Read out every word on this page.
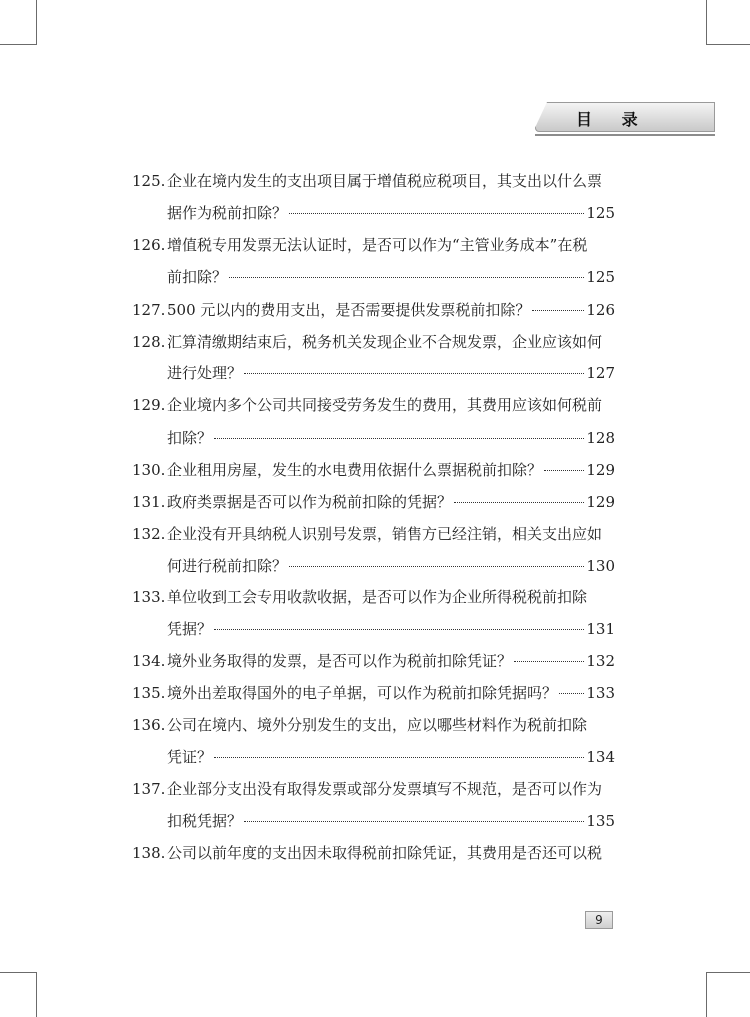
目 录
125. 企业在境内发生的支出项目属于增值税应税项目，其支出以什么票
据作为税前扣除？	125
126. 增值税专用发票无法认证时，是否可以作为“主管业务成本”在税
前扣除？	125
127. 500 元以内的费用支出，是否需要提供发票税前扣除？	126
128. 汇算清缴期结束后，税务机关发现企业不合规发票，企业应该如何
进行处理？	127
129. 企业境内多个公司共同接受劳务发生的费用，其费用应该如何税前
扣除？	128
130. 企业租用房屋，发生的水电费用依据什么票据税前扣除？	129
131. 政府类票据是否可以作为税前扣除的凭据？	129
132. 企业没有开具纳税人识别号发票，销售方已经注销，相关支出应如
何进行税前扣除？	130
133. 单位收到工会专用收款收据，是否可以作为企业所得税税前扣除
凭据？	131
134. 境外业务取得的发票，是否可以作为税前扣除凭证？	132
135. 境外出差取得国外的电子单据，可以作为税前扣除凭据吗？ 133
136. 公司在境内、境外分别发生的支出，应以哪些材料作为税前扣除
凭证？	134
137. 企业部分支出没有取得发票或部分发票填写不规范，是否可以作为
扣税凭据？	135
138. 公司以前年度的支出因未取得税前扣除凭证，其费用是否还可以税
9
